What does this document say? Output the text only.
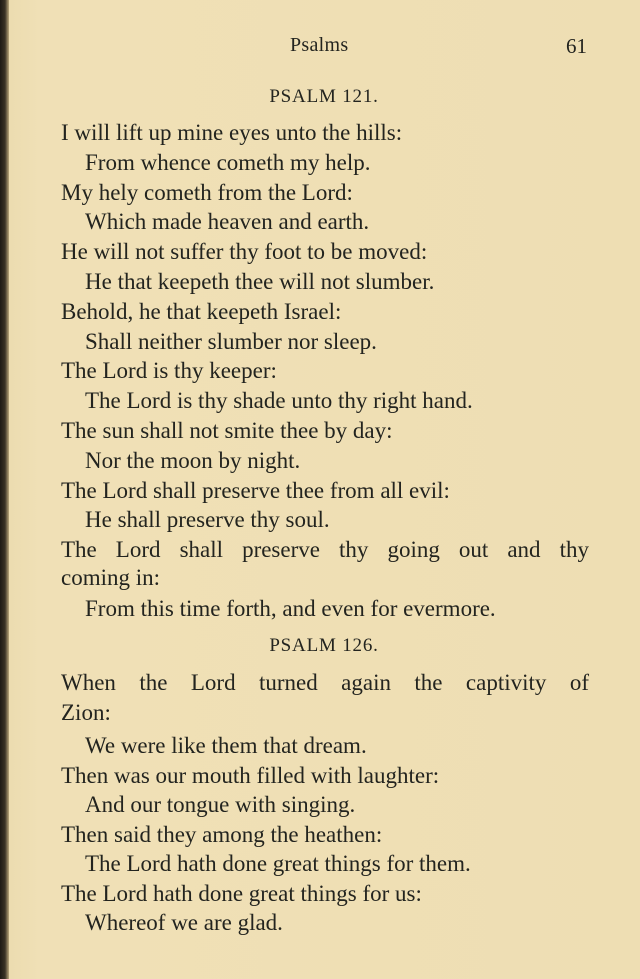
Psalms	61
PSALM 121.
I will lift up mine eyes unto the hills:
From whence cometh my help.
My hely cometh from the Lord:
Which made heaven and earth.
He will not suffer thy foot to be moved:
He that keepeth thee will not slumber.
Behold, he that keepeth Israel:
Shall neither slumber nor sleep.
The Lord is thy keeper:
The Lord is thy shade unto thy right hand.
The sun shall not smite thee by day:
Nor the moon by night.
The Lord shall preserve thee from all evil:
He shall preserve thy soul.
The Lord shall preserve thy going out and thy
coming in:
From this time forth, and even for evermore.
PSALM 126.
When the Lord turned again the captivity of
Zion:
We were like them that dream.
Then was our mouth filled with laughter:
And our tongue with singing.
Then said they among the heathen:
The Lord hath done great things for them.
The Lord hath done great things for us:
Whereof we are glad.
